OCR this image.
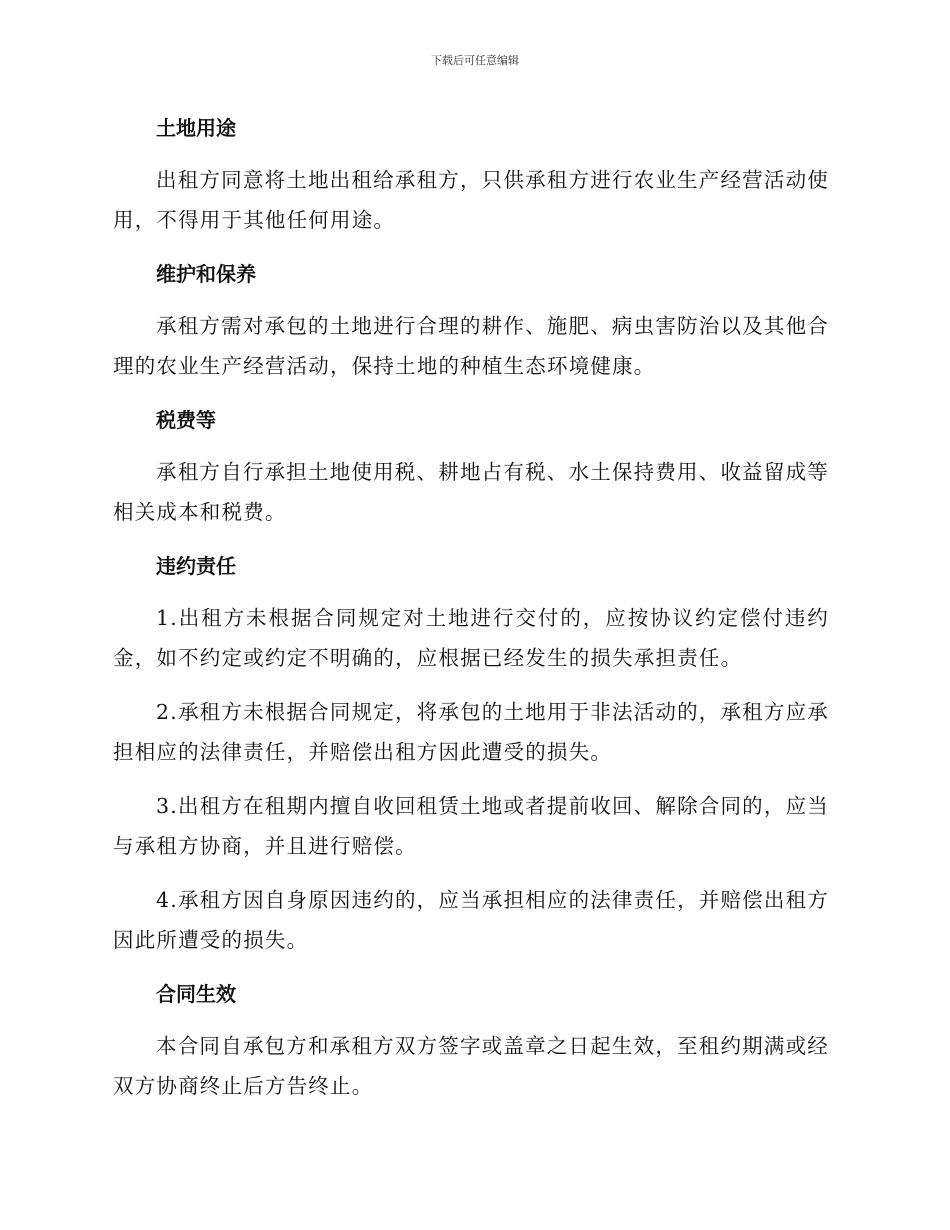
下载后可任意编辑
土地用途

出租方同意将土地出租给承租方，只供承租方进行农业生产经营活动使用，不得用于其他任何用途。

维护和保养

承租方需对承包的土地进行合理的耕作、施肥、病虫害防治以及其他合理的农业生产经营活动，保持土地的种植生态环境健康。

税费等

承租方自行承担土地使用税、耕地占有税、水土保持费用、收益留成等相关成本和税费。

违约责任

1.出租方未根据合同规定对土地进行交付的，应按协议约定偿付违约金，如不约定或约定不明确的，应根据已经发生的损失承担责任。

2.承租方未根据合同规定，将承包的土地用于非法活动的，承租方应承担相应的法律责任，并赔偿出租方因此遭受的损失。

3.出租方在租期内擅自收回租赁土地或者提前收回、解除合同的，应当与承租方协商，并且进行赔偿。

4.承租方因自身原因违约的，应当承担相应的法律责任，并赔偿出租方因此所遭受的损失。

合同生效

本合同自承包方和承租方双方签字或盖章之日起生效，至租约期满或经双方协商终止后方告终止。
